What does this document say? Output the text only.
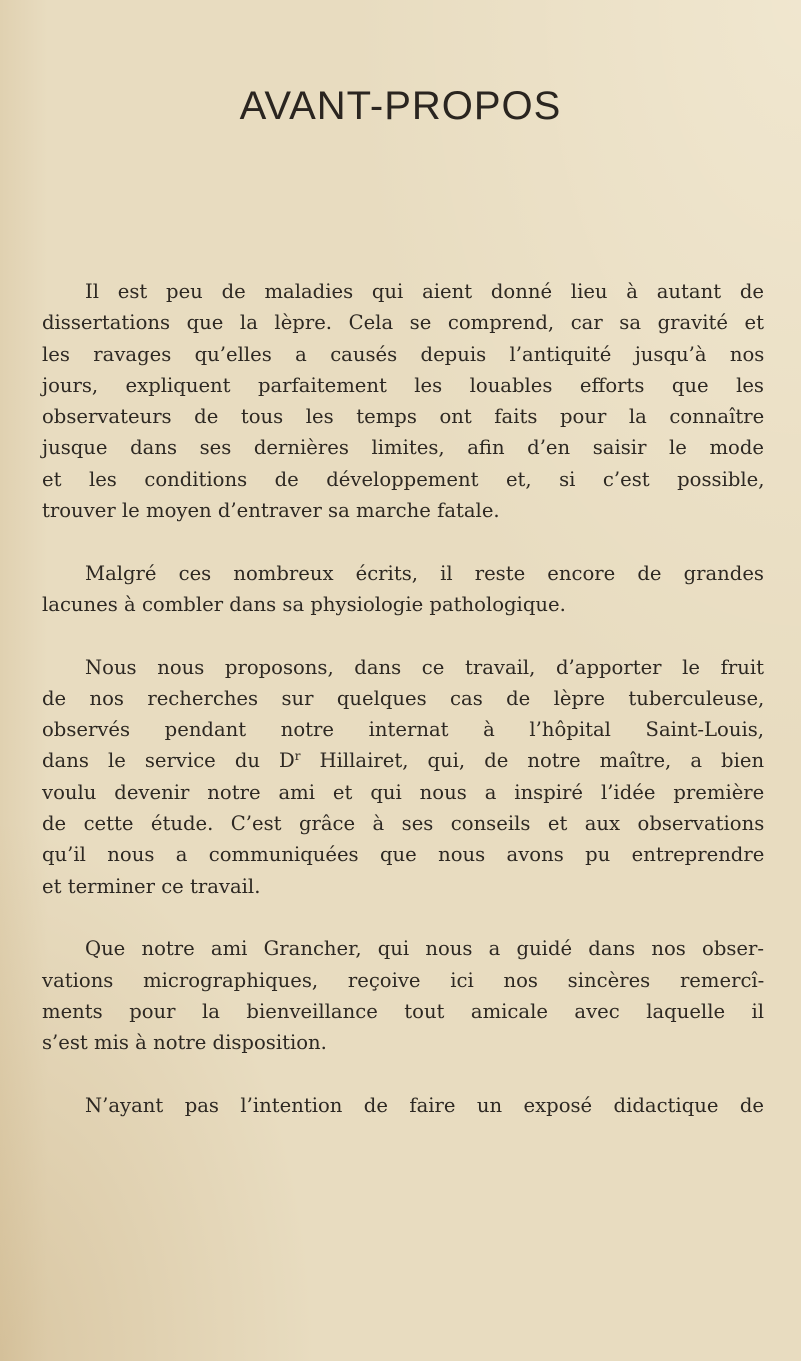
AVANT-PROPOS

Il est peu de maladies qui aient donné lieu à autant de
dissertations que la lèpre. Cela se comprend, car sa gravité et
les ravages qu’elles a causés depuis l’antiquité jusqu’à nos
jours, expliquent parfaitement les louables efforts que les
observateurs de tous les temps ont faits pour la connaître
jusque dans ses dernières limites, afin d’en saisir le mode
et les conditions de développement et, si c’est possible,
trouver le moyen d’entraver sa marche fatale.

Malgré ces nombreux écrits, il reste encore de grandes
lacunes à combler dans sa physiologie pathologique.

Nous nous proposons, dans ce travail, d’apporter le fruit
de nos recherches sur quelques cas de lèpre tuberculeuse,
observés pendant notre internat à l’hôpital Saint-Louis,
dans le service du $D^r$ Hillairet, qui, de notre maître, a bien
voulu devenir notre ami et qui nous a inspiré l’idée première
de cette étude. C’est grâce à ses conseils et aux observations
qu’il nous a communiquées que nous avons pu entreprendre
et terminer ce travail.

Que notre ami Grancher, qui nous a guidé dans nos obser-
vations micrographiques, reçoive ici nos sincères remercî-
ments pour la bienveillance tout amicale avec laquelle il
s’est mis à notre disposition.

N’ayant pas l’intention de faire un exposé didactique de
